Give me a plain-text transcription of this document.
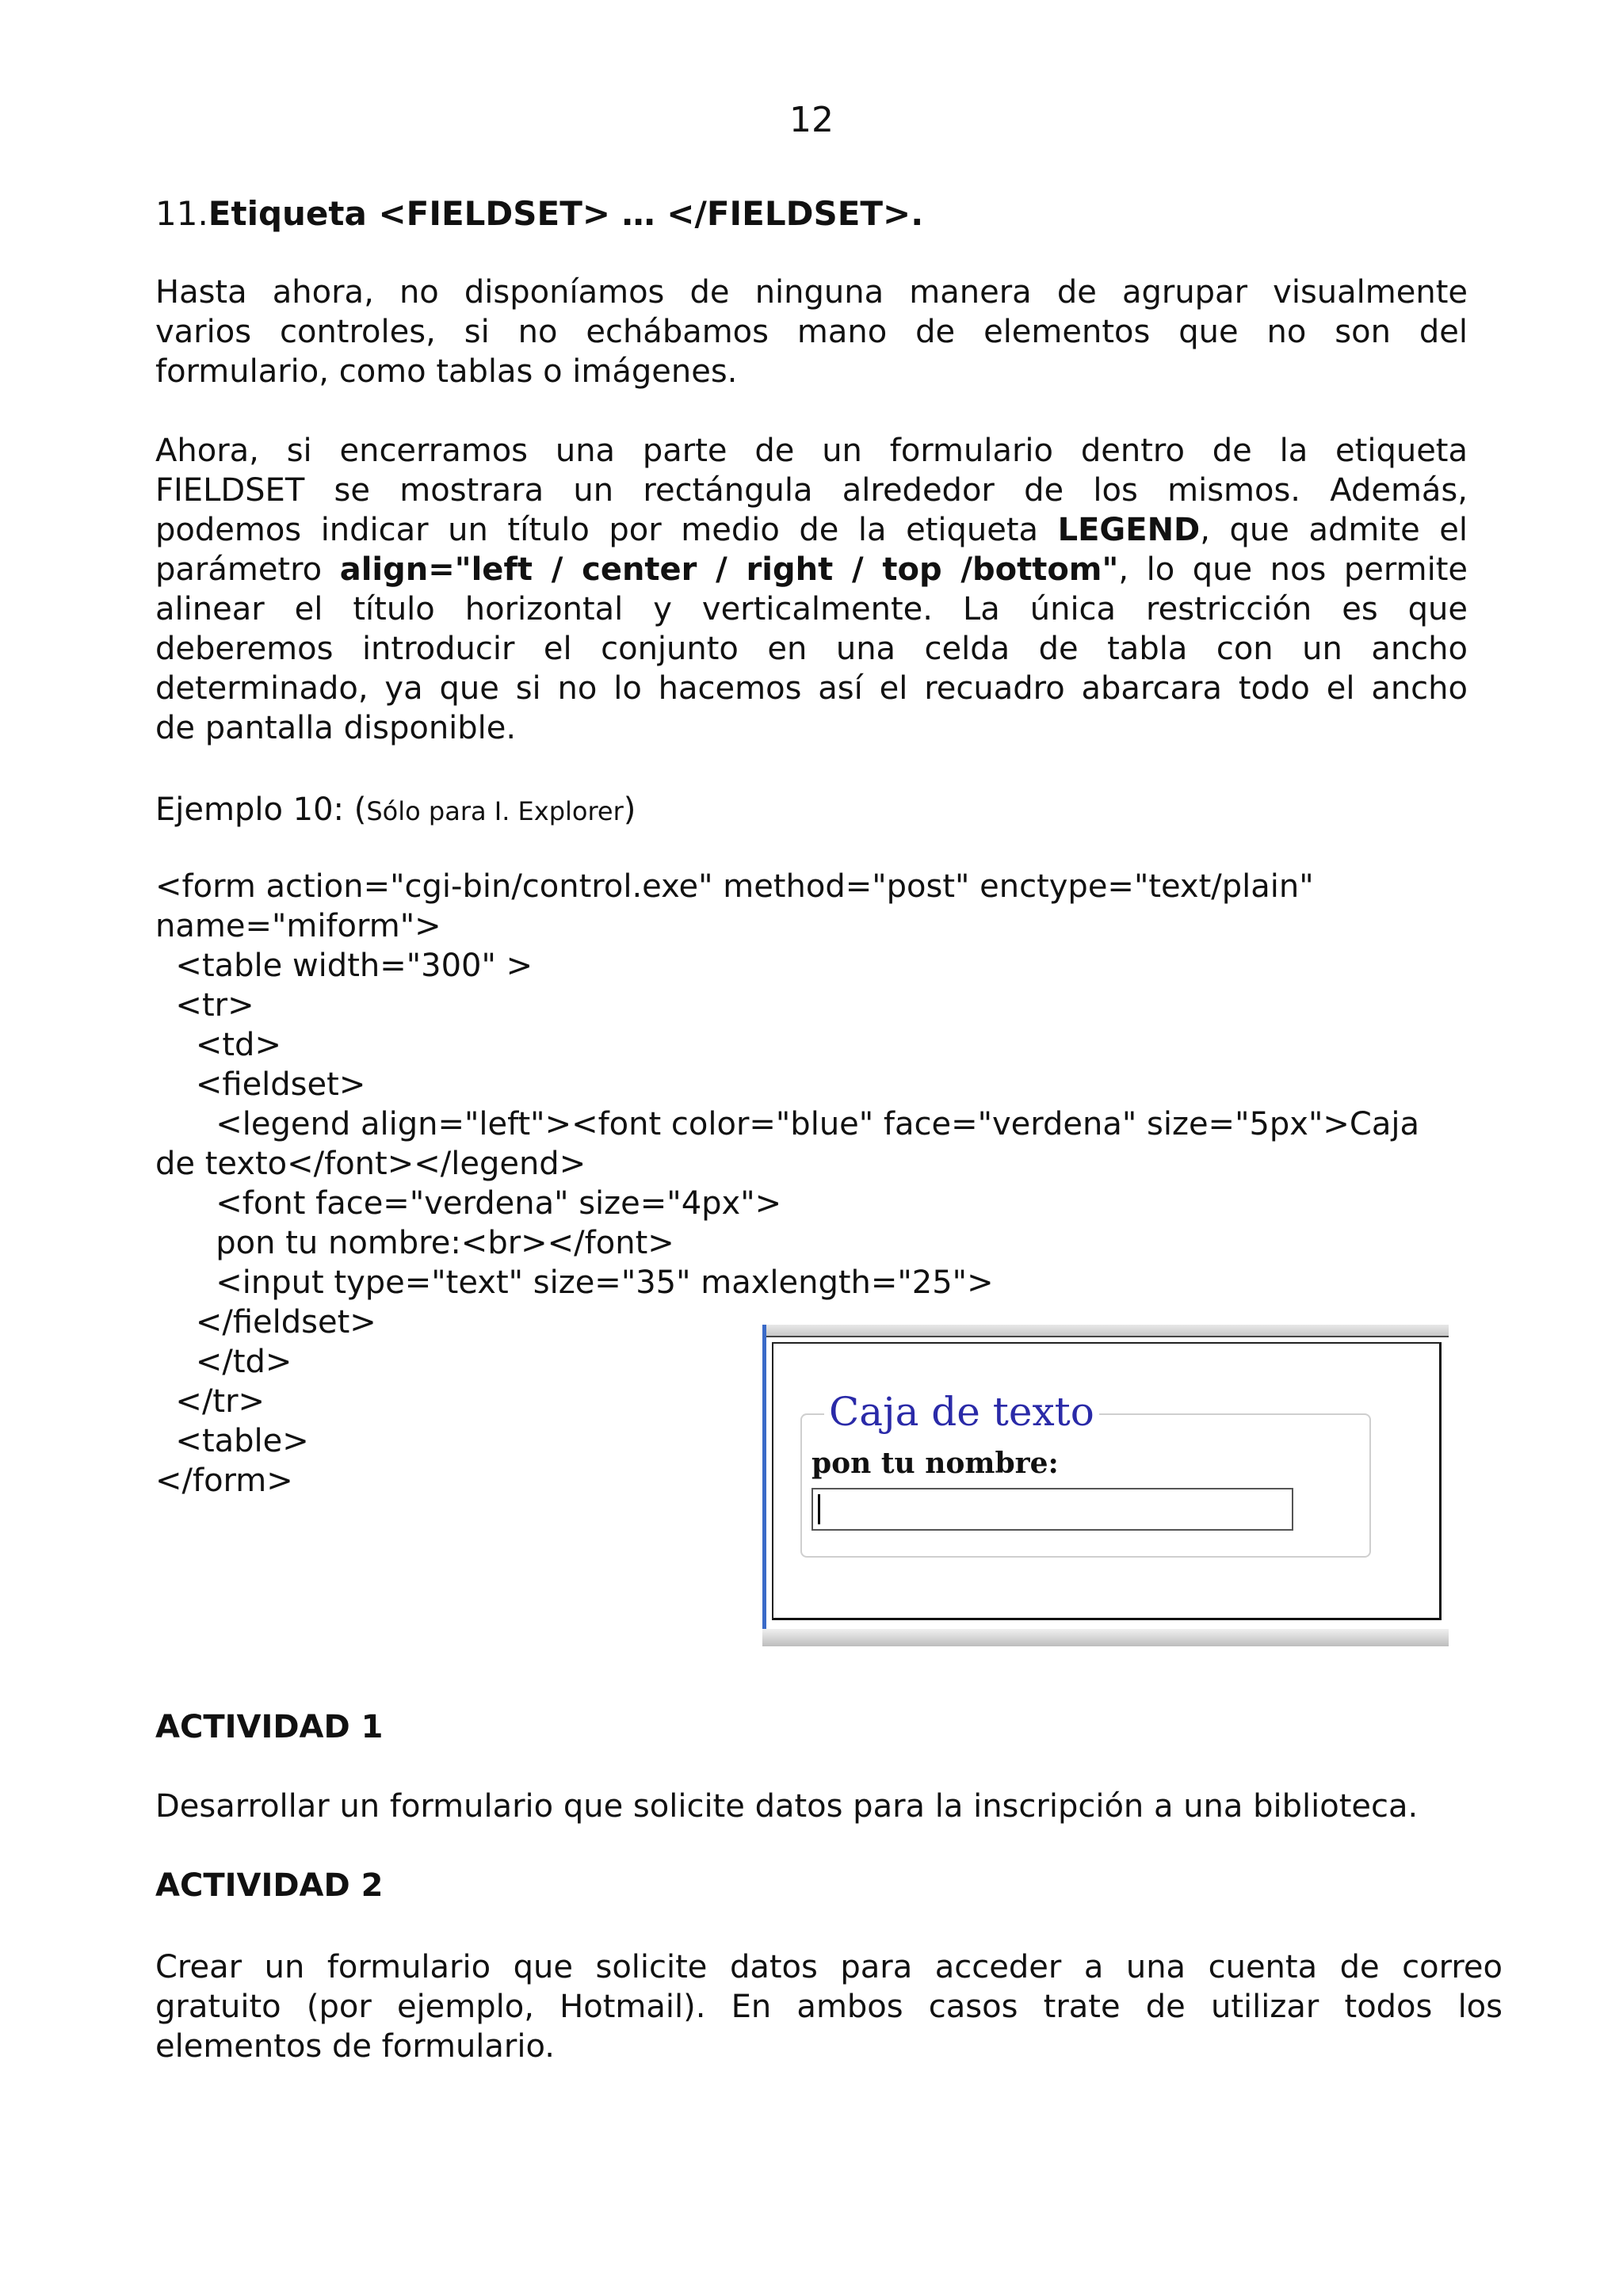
12
11.Etiqueta <FIELDSET> … </FIELDSET>.
Hasta ahora, no disponíamos de ninguna manera de agrupar visualmente
varios controles, si no echábamos mano de elementos que no son del
formulario, como tablas o imágenes.
Ahora, si encerramos una parte de un formulario dentro de la etiqueta
FIELDSET se mostrara un rectángula alrededor de los mismos. Además,
podemos indicar un título por medio de la etiqueta LEGEND, que admite el
parámetro align="left / center / right / top /bottom", lo que nos permite
alinear el título horizontal y verticalmente. La única restricción es que
deberemos introducir el conjunto en una celda de tabla con un ancho
determinado, ya que si no lo hacemos así el recuadro abarcara todo el ancho
de pantalla disponible.
Ejemplo 10: (Sólo para I. Explorer)
<form action="cgi-bin/control.exe" method="post" enctype="text/plain"
name="miform">
<table width="300" >
<tr>
<td>
<fieldset>
<legend align="left"><font color="blue" face="verdena" size="5px">Caja
de texto</font></legend>
<font face="verdena" size="4px">
pon tu nombre:<br></font>
<input type="text" size="35" maxlength="25">
</fieldset>
</td>
</tr>
<table>
</form>
Caja de texto
pon tu nombre:
ACTIVIDAD 1
Desarrollar un formulario que solicite datos para la inscripción a una biblioteca.
ACTIVIDAD 2
Crear un formulario que solicite datos para acceder a una cuenta de correo
gratuito (por ejemplo, Hotmail). En ambos casos trate de utilizar todos los
elementos de formulario.
